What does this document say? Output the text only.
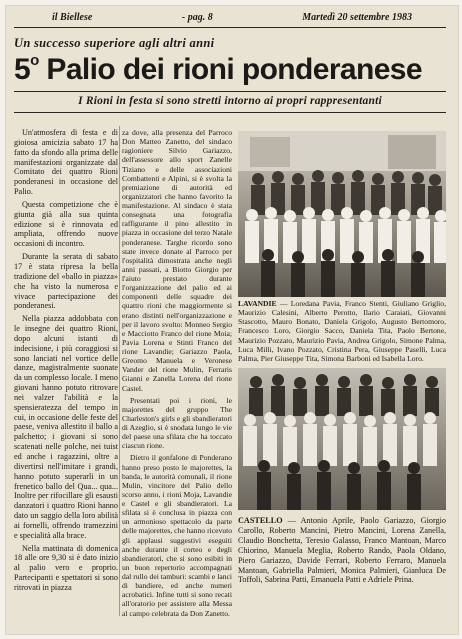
il Biellese	- pag. 8	Martedì 20 settembre 1983
Un successo superiore agli altri anni
5$^o$ Palio dei rioni ponderanese
I Rioni in festa si sono stretti intorno ai propri rappresentanti

Un'atmosfera di festa e di gioiosa amicizia sabato 17 ha fatto da sfondo alla prima delle manifestazioni organizzate dal Comitato dei quattro Rioni ponderanesi in occasione del Palio.

Questa competizione che è giunta già alla sua quinta edizione si è rinnovata ed ampliata, offrendo nuove occasioni di incontro.

Durante la serata di sabato 17 è stata ripresa la bella tradizione del «ballo in piazza» che ha visto la numerosa e vivace partecipazione dei ponderanesi.

Nella piazza addobbata con le insegne dei quattro Rioni, dopo alcuni istanti di indecisione, i più coraggiosi si sono lanciati nel vortice delle danze, magistralmente suonate da un complesso locale. I meno giovani hanno potuto ritrovare nei valzer l'abilità e la spensieratezza del tempo in cui, in occasione delle feste del paese, veniva allestito il ballo a palchetto; i giovani si sono scatenati nelle polche, nei tuist ed anche i ragazzini, oltre a divertirsi nell'imitare i grandi, hanno potuto superarli in un frenetico ballo del Qua... qua... Inoltre per rifocillare gli esausti danzatori i quattro Rioni hanno dato un saggio della loro abilità ai fornelli, offrendo tramezzini e specialità alla brace.

Nella mattinata di domenica 18 alle ore 9,30 si è dato inizio al palio vero e proprio. Partecipanti e spettatori si sono ritrovati in piazza

za dove, alla presenza del Parroco Don Matteo Zanetto, del sindaco ragioniere Silvio Gariazzo, dell'assessore allo sport Zanelle Tiziano e delle associazioni Combattenti e Alpini, si è svolta la premiazione di autorità ed organizzatori che hanno favorito la manifestazione. Al sindaco è stata consegnata una fotografia raffigurante il pino allestito in piazza in occasione del terzo Natale ponderanese. Targhe ricordo sono state invece donate al Parroco per l'ospitalità dimostrata anche negli anni passati, a Biotto Giorgio per l'aiuto prestato durante l'organizzazione del palio ed ai componenti delle squadre dei quattro rioni che maggiormente si erano distinti nell'organizzazione e per il lavoro svolto: Monneo Sergio e Macciotto Franco del rione Moia; Pavia Lorena e Stinti Franco del rione Lavandie; Gariazzo Paola, Greomo Manuela e Veronese Vander del rione Mulin, Ferraris Gianni e Zanella Lorena del rione Castel.

Presentati poi i rioni, le majorettes del gruppo The Charleston's girls e gli sbandieratori di Azeglio, si è snodata lungo le vie del paese una sfilata che ha toccato ciascun rione.

Dietro il gonfalone di Ponderano hanno preso posto le majorettes, la banda, le autorità comunali, il rione Mulin, vincitore del Palio dello scorso anno, i rioni Moja, Lavandie e Castel e gli sbandieratori. La sfilata si è conclusa in piazza con un armonioso spettacolo da parte delle majorettes, che hanno ricevuto gli applausi suggestivi eseguiti anche durante il corteo e degli sbandieratori, che si sono esibiti in un buon repertorio accompagnati dal rullo dei tamburi: scambi e lanci di bandiere, ed anche numeri acrobatici. Infine tutti si sono recati all'oratorio per assistere alla Messa al campo celebrata da Don Zanetto.

LAVANDIE — Loredana Pavia, Franco Stenti, Giuliano Griglio, Maurizio Calesini, Alberto Perotto, Ilario Caraiati, Giovanni Stascotto, Mauro Bonato, Daniela Grigolo, Augusto Bertomoro, Francesco Loro, Giorgio Sacco, Daniela Tita, Paolo Bertone, Maurizio Pozzato, Maurizio Pavia, Andrea Grigolo, Simone Palma, Luca Milli, Ivano Pozzato, Cristina Pera, Giuseppe Paselli, Luca Palma, Pier Giuseppe Tita, Simona Barboni ed Isabella Loro.
CASTELLO — Antonio Aprile, Paolo Gariazzo, Giorgio Carollo, Roberto Mancini, Pietro Mancini, Lorena Zanella, Claudio Bonchetta, Teresio Galasso, Franco Mantoan, Marco Chiorino, Manuela Meglia, Roberto Rando, Paola Oldano, Piero Gariazzo, Davide Ferrari, Roberto Ferraro, Manuela Mantoan, Gabriella Palmieri, Monica Palmieri, Gianluca De Toffoli, Sabrina Patti, Emanuela Patti e Adriele Prina.
